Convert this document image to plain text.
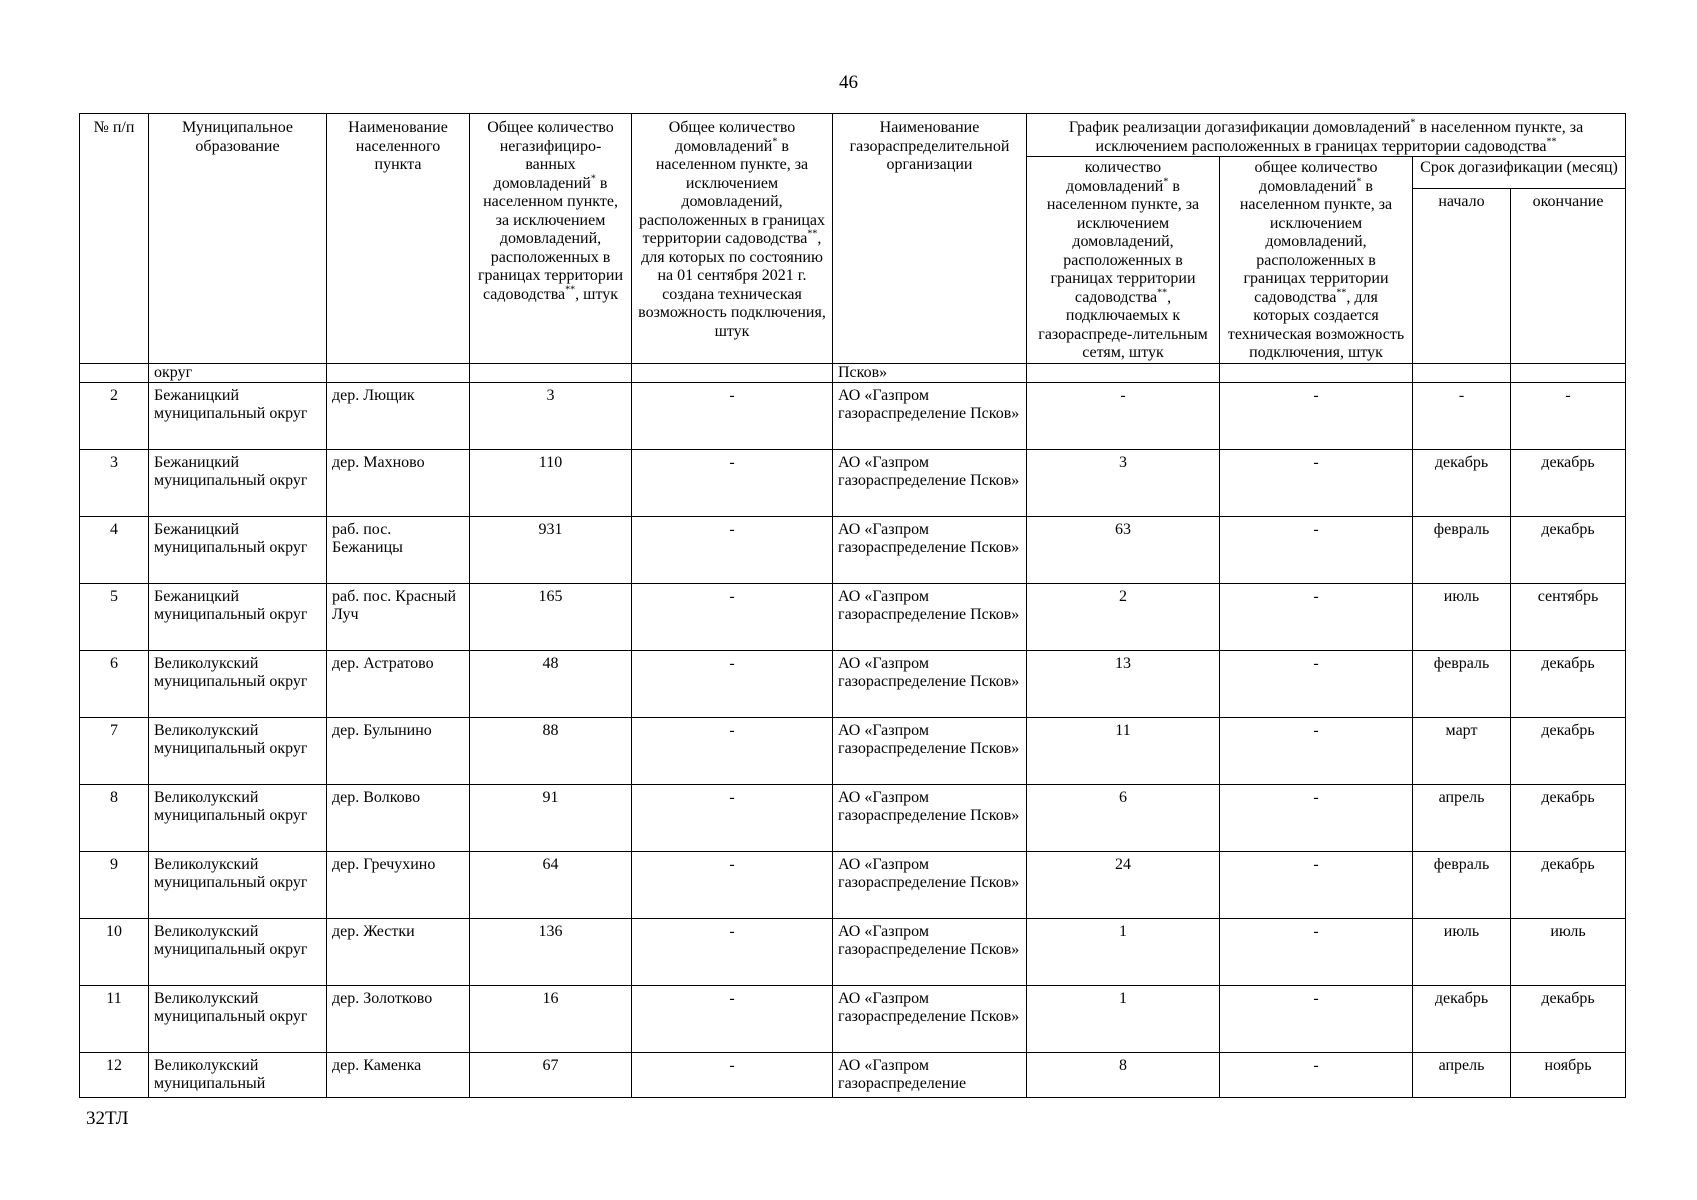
46
№ п/п	Муниципальное образование	Наименование населенного пункта	Общее количество негазифициро-ванных домовладений* в населенном пункте, за исключением домовладений, расположенных в границах территории садоводства**, штук	Общее количество домовладений* в населенном пункте, за исключением домовладений, расположенных в границах территории садоводства**, для которых по состоянию на 01 сентября 2021 г. создана техническая возможность подключения, штук	Наименование газораспределительной организации	График реализации догазификации домовладений* в населенном пункте, за исключением расположенных в границах территории садоводства**
						количество домовладений* в населенном пункте, за исключением домовладений, расположенных в границах территории садоводства**, подключаемых к газораспреде-лительным сетям, штук	общее количество домовладений* в населенном пункте, за исключением домовладений, расположенных в границах территории садоводства**, для которых создается техническая возможность подключения, штук	Срок догазификации (месяц)	
								начало	окончание
	округ				Псков»				
2	Бежаницкий муниципальный округ	дер. Лющик	3	-	АО «Газпром газораспределение Псков»	-	-	-	-
3	Бежаницкий муниципальный округ	дер. Махново	110	-	АО «Газпром газораспределение Псков»	3	-	декабрь	декабрь
4	Бежаницкий муниципальный округ	раб. пос. Бежаницы	931	-	АО «Газпром газораспределение Псков»	63	-	февраль	декабрь
5	Бежаницкий муниципальный округ	раб. пос. Красный Луч	165	-	АО «Газпром газораспределение Псков»	2	-	июль	сентябрь
6	Великолукский муниципальный округ	дер. Астратово	48	-	АО «Газпром газораспределение Псков»	13	-	февраль	декабрь
7	Великолукский муниципальный округ	дер. Булынино	88	-	АО «Газпром газораспределение Псков»	11	-	март	декабрь
8	Великолукский муниципальный округ	дер. Волково	91	-	АО «Газпром газораспределение Псков»	6	-	апрель	декабрь
9	Великолукский муниципальный округ	дер. Гречухино	64	-	АО «Газпром газораспределение Псков»	24	-	февраль	декабрь
10	Великолукский муниципальный округ	дер. Жестки	136	-	АО «Газпром газораспределение Псков»	1	-	июль	июль
11	Великолукский муниципальный округ	дер. Золотково	16	-	АО «Газпром газораспределение Псков»	1	-	декабрь	декабрь
12	Великолукский муниципальный	дер. Каменка	67	-	АО «Газпром газораспределение	8	-	апрель	ноябрь
32ТЛ
